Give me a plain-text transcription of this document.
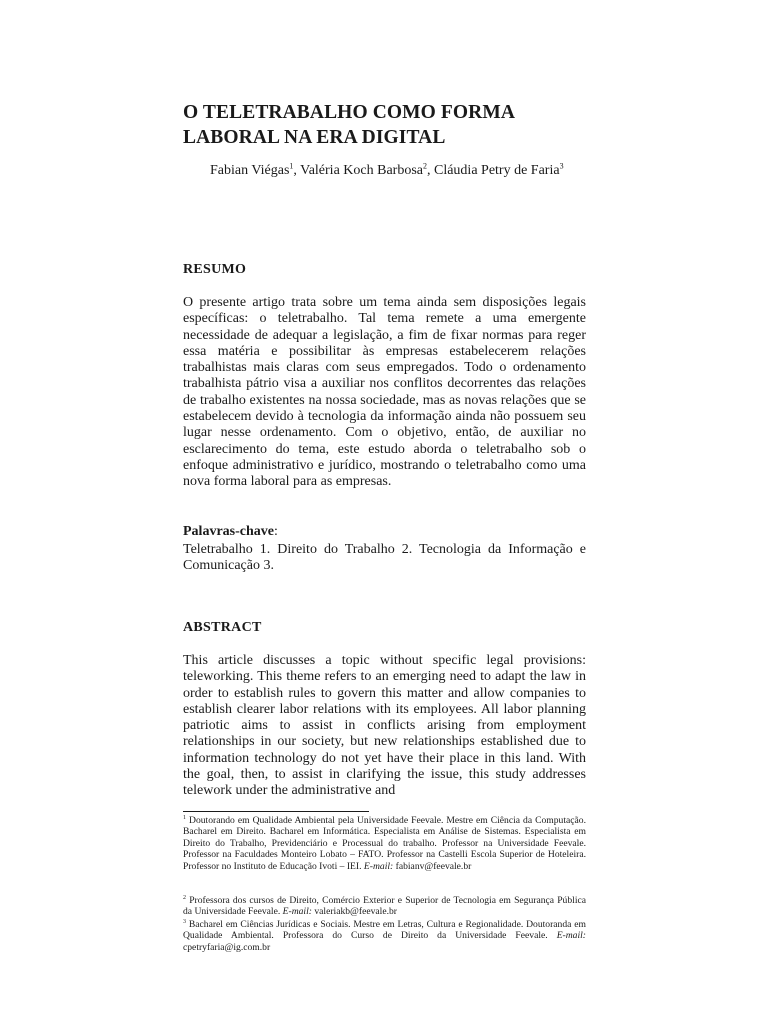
O TELETRABALHO COMO FORMA LABORAL NA ERA DIGITAL
Fabian Viégas$^1$, Valéria Koch Barbosa$^2$, Cláudia Petry de Faria$^3$
RESUMO

O presente artigo trata sobre um tema ainda sem disposições legais específicas: o teletrabalho. Tal tema remete a uma emergente necessidade de adequar a legislação, a fim de fixar normas para reger essa matéria e possibilitar às empresas estabelecerem relações trabalhistas mais claras com seus empregados. Todo o ordenamento trabalhista pátrio visa a auxiliar nos conflitos decorrentes das relações de trabalho existentes na nossa sociedade, mas as novas relações que se estabelecem devido à tecnologia da informação ainda não possuem seu lugar nesse ordenamento. Com o objetivo, então, de auxiliar no esclarecimento do tema, este estudo aborda o teletrabalho sob o enfoque administrativo e jurídico, mostrando o teletrabalho como uma nova forma laboral para as empresas.

Palavras-chave:

Teletrabalho 1. Direito do Trabalho 2. Tecnologia da Informação e Comunicação 3.

ABSTRACT

This article discusses a topic without specific legal provisions: teleworking. This theme refers to an emerging need to adapt the law in order to establish rules to govern this matter and allow companies to establish clearer labor relations with its employees. All labor planning patriotic aims to assist in conflicts arising from employment relationships in our society, but new relationships established due to information technology do not yet have their place in this land. With the goal, then, to assist in clarifying the issue, this study addresses telework under the administrative and

$^1$ Doutorando em Qualidade Ambiental pela Universidade Feevale. Mestre em Ciência da Computação. Bacharel em Direito. Bacharel em Informática. Especialista em Análise de Sistemas. Especialista em Direito do Trabalho, Previdenciário e Processual do trabalho. Professor na Universidade Feevale. Professor na Faculdades Monteiro Lobato – FATO. Professor na Castelli Escola Superior de Hoteleira. Professor no Instituto de Educação Ivoti – IEI. E-mail: fabianv@feevale.br

$^2$ Professora dos cursos de Direito, Comércio Exterior e Superior de Tecnologia em Segurança Pública da Universidade Feevale. E-mail: valeriakb@feevale.br

$^3$ Bacharel em Ciências Jurídicas e Sociais. Mestre em Letras, Cultura e Regionalidade. Doutoranda em Qualidade Ambiental. Professora do Curso de Direito da Universidade Feevale. E-mail: cpetryfaria@ig.com.br
